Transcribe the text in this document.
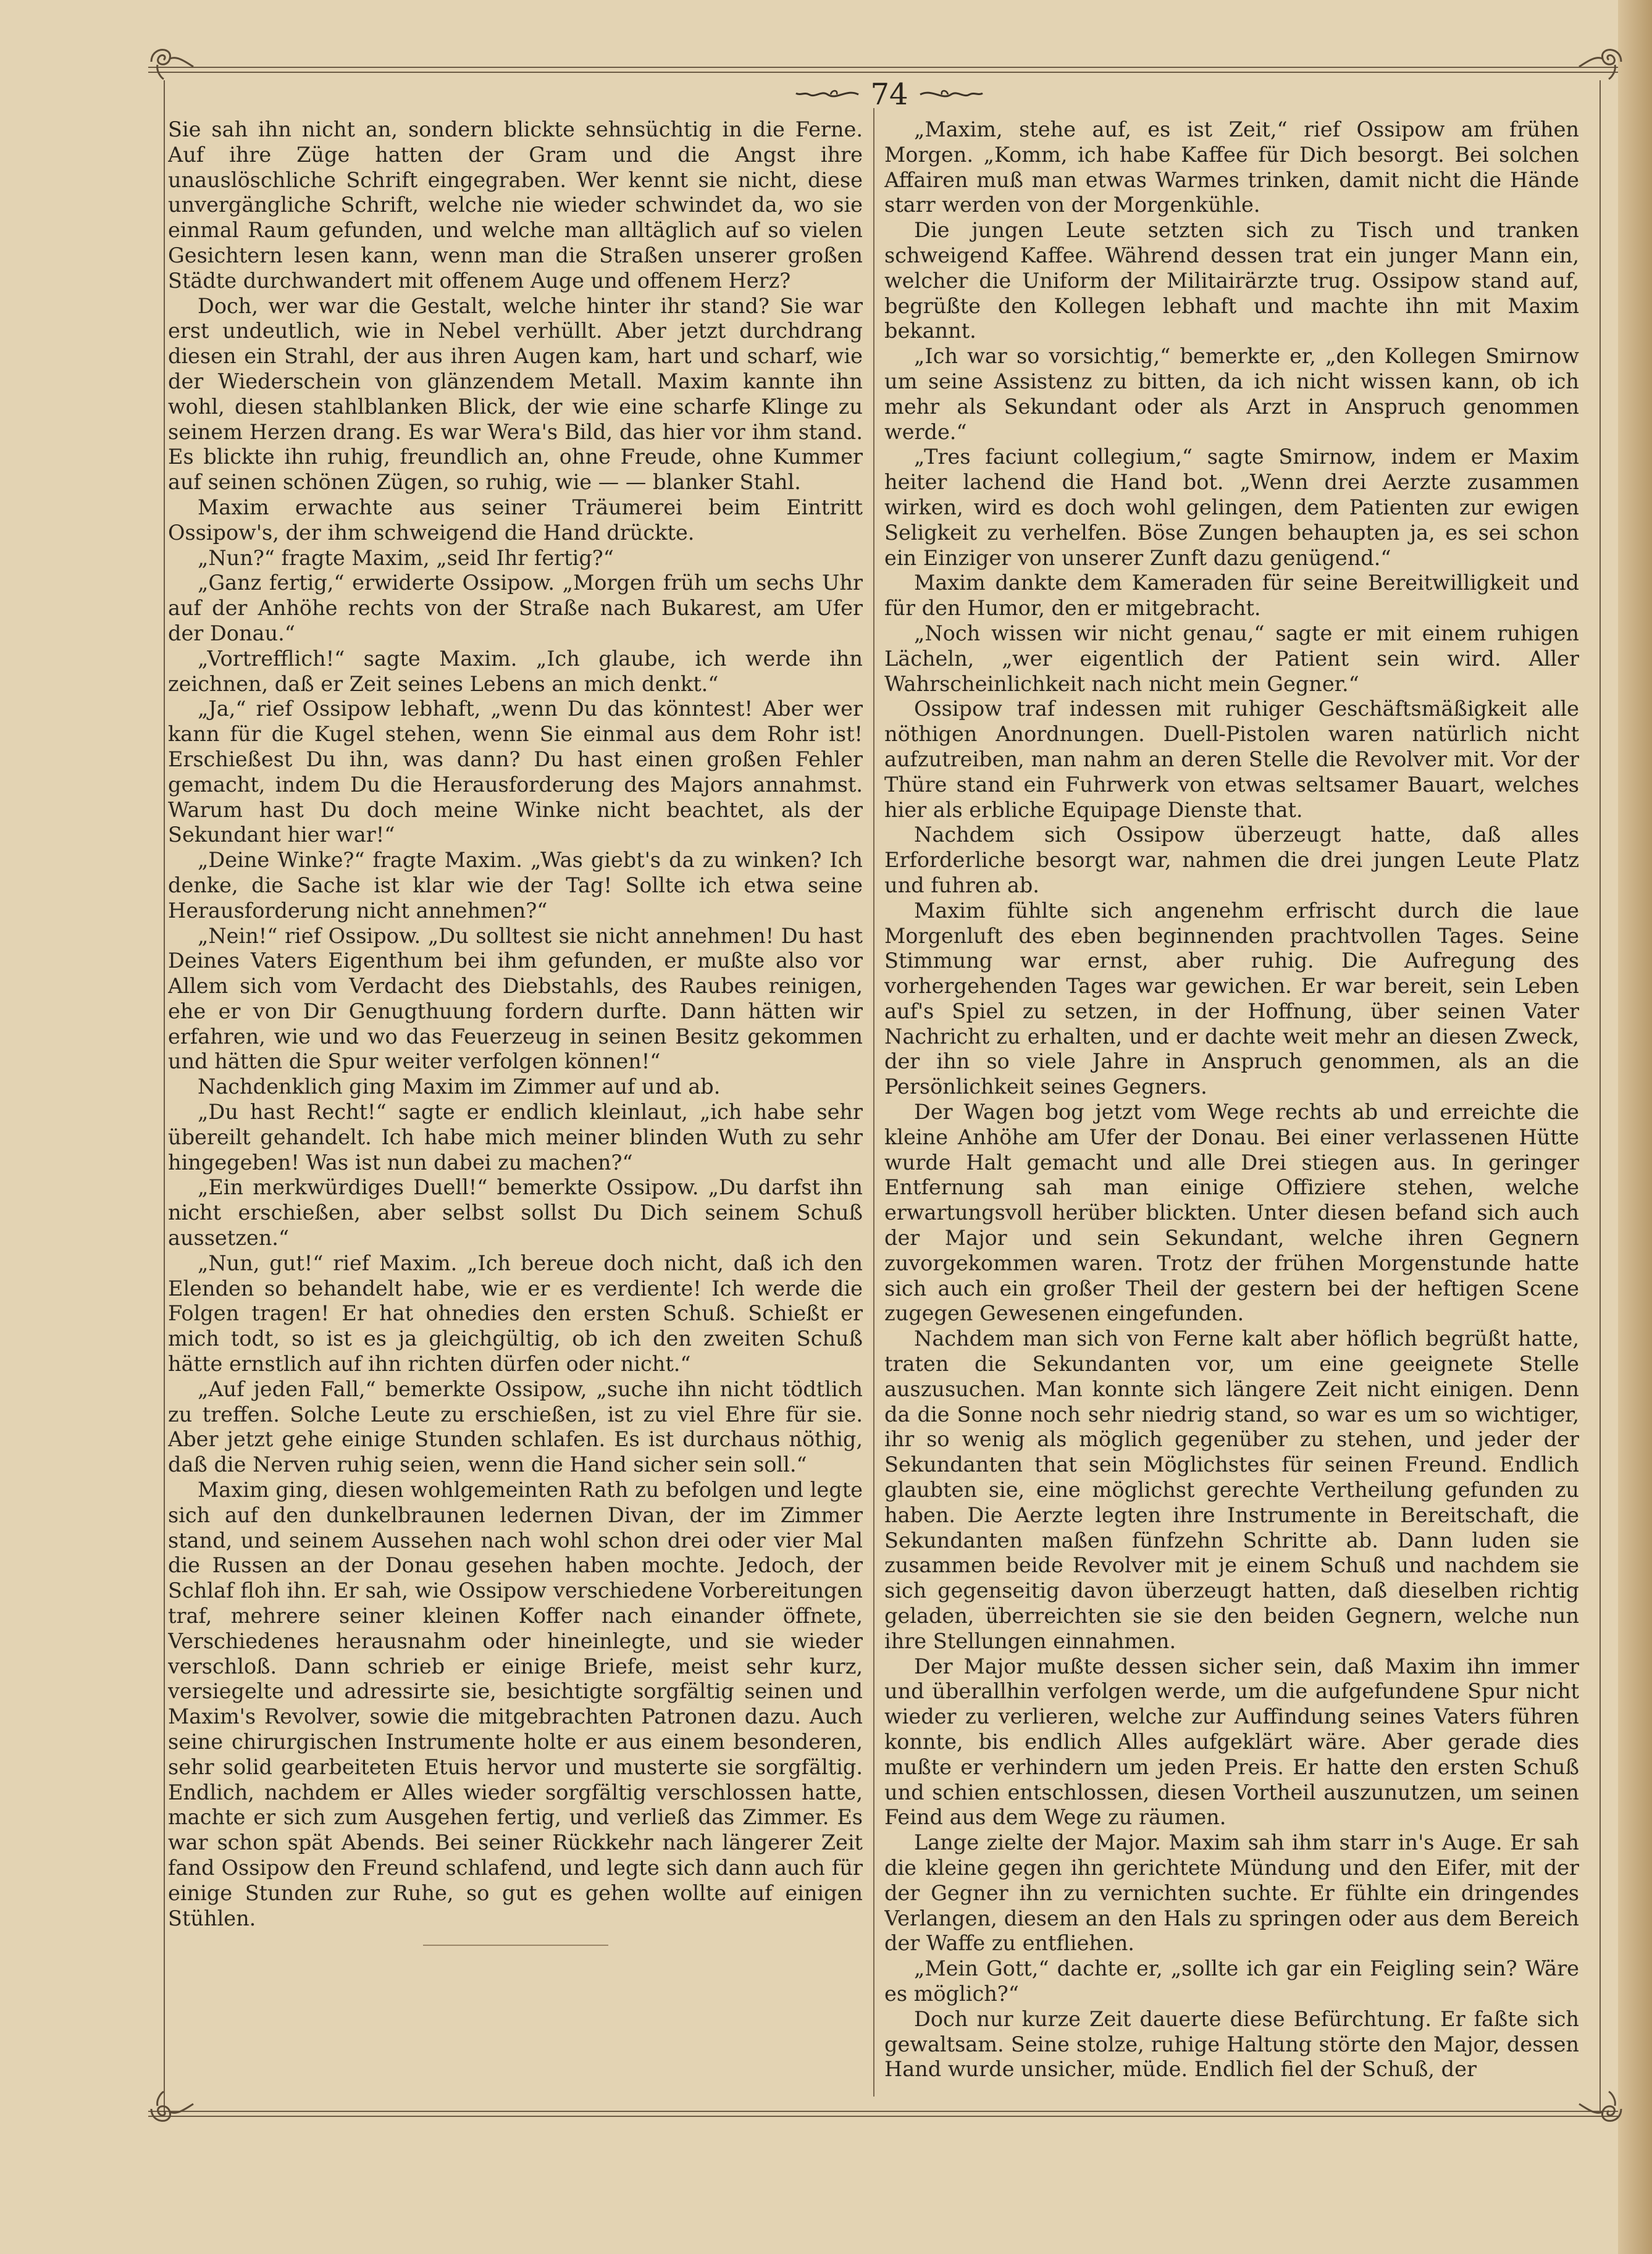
74

Sie sah ihn nicht an, sondern blickte sehnsüchtig in die Ferne. Auf ihre Züge hatten der Gram und die Angst ihre unauslöschliche Schrift eingegraben. Wer kennt sie nicht, diese unvergängliche Schrift, welche nie wieder schwindet da, wo sie einmal Raum gefunden, und welche man alltäglich auf so vielen Gesichtern lesen kann, wenn man die Straßen unserer großen Städte durchwandert mit offenem Auge und offenem Herz?

Doch, wer war die Gestalt, welche hinter ihr stand? Sie war erst undeutlich, wie in Nebel verhüllt. Aber jetzt durchdrang diesen ein Strahl, der aus ihren Augen kam, hart und scharf, wie der Wiederschein von glänzendem Metall. Maxim kannte ihn wohl, diesen stahlblanken Blick, der wie eine scharfe Klinge zu seinem Herzen drang. Es war Wera's Bild, das hier vor ihm stand. Es blickte ihn ruhig, freundlich an, ohne Freude, ohne Kummer auf seinen schönen Zügen, so ruhig, wie — — blanker Stahl.

Maxim erwachte aus seiner Träumerei beim Eintritt Ossipow's, der ihm schweigend die Hand drückte.

„Nun?“ fragte Maxim, „seid Ihr fertig?“

„Ganz fertig,“ erwiderte Ossipow. „Morgen früh um sechs Uhr auf der Anhöhe rechts von der Straße nach Bukarest, am Ufer der Donau.“

„Vortrefflich!“ sagte Maxim. „Ich glaube, ich werde ihn zeichnen, daß er Zeit seines Lebens an mich denkt.“

„Ja,“ rief Ossipow lebhaft, „wenn Du das könntest! Aber wer kann für die Kugel stehen, wenn Sie einmal aus dem Rohr ist! Erschießest Du ihn, was dann? Du hast einen großen Fehler gemacht, indem Du die Herausforderung des Majors annahmst. Warum hast Du doch meine Winke nicht beachtet, als der Sekundant hier war!“

„Deine Winke?“ fragte Maxim. „Was giebt's da zu winken? Ich denke, die Sache ist klar wie der Tag! Sollte ich etwa seine Herausforderung nicht annehmen?“

„Nein!“ rief Ossipow. „Du solltest sie nicht annehmen! Du hast Deines Vaters Eigenthum bei ihm gefunden, er mußte also vor Allem sich vom Verdacht des Diebstahls, des Raubes reinigen, ehe er von Dir Genugthuung fordern durfte. Dann hätten wir erfahren, wie und wo das Feuerzeug in seinen Besitz gekommen und hätten die Spur weiter verfolgen können!“

Nachdenklich ging Maxim im Zimmer auf und ab.

„Du hast Recht!“ sagte er endlich kleinlaut, „ich habe sehr übereilt gehandelt. Ich habe mich meiner blinden Wuth zu sehr hingegeben! Was ist nun dabei zu machen?“

„Ein merkwürdiges Duell!“ bemerkte Ossipow. „Du darfst ihn nicht erschießen, aber selbst sollst Du Dich seinem Schuß aussetzen.“

„Nun, gut!“ rief Maxim. „Ich bereue doch nicht, daß ich den Elenden so behandelt habe, wie er es verdiente! Ich werde die Folgen tragen! Er hat ohnedies den ersten Schuß. Schießt er mich todt, so ist es ja gleichgültig, ob ich den zweiten Schuß hätte ernstlich auf ihn richten dürfen oder nicht.“

„Auf jeden Fall,“ bemerkte Ossipow, „suche ihn nicht tödtlich zu treffen. Solche Leute zu erschießen, ist zu viel Ehre für sie. Aber jetzt gehe einige Stunden schlafen. Es ist durchaus nöthig, daß die Nerven ruhig seien, wenn die Hand sicher sein soll.“

Maxim ging, diesen wohlgemeinten Rath zu befolgen und legte sich auf den dunkelbraunen ledernen Divan, der im Zimmer stand, und seinem Aussehen nach wohl schon drei oder vier Mal die Russen an der Donau gesehen haben mochte. Jedoch, der Schlaf floh ihn. Er sah, wie Ossipow verschiedene Vorbereitungen traf, mehrere seiner kleinen Koffer nach einander öffnete, Verschiedenes herausnahm oder hineinlegte, und sie wieder verschloß. Dann schrieb er einige Briefe, meist sehr kurz, versiegelte und adressirte sie, besichtigte sorgfältig seinen und Maxim's Revolver, sowie die mitgebrachten Patronen dazu. Auch seine chirurgischen Instrumente holte er aus einem besonderen, sehr solid gearbeiteten Etuis hervor und musterte sie sorgfältig. Endlich, nachdem er Alles wieder sorgfältig verschlossen hatte, machte er sich zum Ausgehen fertig, und verließ das Zimmer. Es war schon spät Abends. Bei seiner Rückkehr nach längerer Zeit fand Ossipow den Freund schlafend, und legte sich dann auch für einige Stunden zur Ruhe, so gut es gehen wollte auf einigen Stühlen.

„Maxim, stehe auf, es ist Zeit,“ rief Ossipow am frühen Morgen. „Komm, ich habe Kaffee für Dich besorgt. Bei solchen Affairen muß man etwas Warmes trinken, damit nicht die Hände starr werden von der Morgenkühle.

Die jungen Leute setzten sich zu Tisch und tranken schweigend Kaffee. Während dessen trat ein junger Mann ein, welcher die Uniform der Militairärzte trug. Ossipow stand auf, begrüßte den Kollegen lebhaft und machte ihn mit Maxim bekannt.

„Ich war so vorsichtig,“ bemerkte er, „den Kollegen Smirnow um seine Assistenz zu bitten, da ich nicht wissen kann, ob ich mehr als Sekundant oder als Arzt in Anspruch genommen werde.“

„Tres faciunt collegium,“ sagte Smirnow, indem er Maxim heiter lachend die Hand bot. „Wenn drei Aerzte zusammen wirken, wird es doch wohl gelingen, dem Patienten zur ewigen Seligkeit zu verhelfen. Böse Zungen behaupten ja, es sei schon ein Einziger von unserer Zunft dazu genügend.“

Maxim dankte dem Kameraden für seine Bereitwilligkeit und für den Humor, den er mitgebracht.

„Noch wissen wir nicht genau,“ sagte er mit einem ruhigen Lächeln, „wer eigentlich der Patient sein wird. Aller Wahrscheinlichkeit nach nicht mein Gegner.“

Ossipow traf indessen mit ruhiger Geschäftsmäßigkeit alle nöthigen Anordnungen. Duell-Pistolen waren natürlich nicht aufzutreiben, man nahm an deren Stelle die Revolver mit. Vor der Thüre stand ein Fuhrwerk von etwas seltsamer Bauart, welches hier als erbliche Equipage Dienste that.

Nachdem sich Ossipow überzeugt hatte, daß alles Erforderliche besorgt war, nahmen die drei jungen Leute Platz und fuhren ab.

Maxim fühlte sich angenehm erfrischt durch die laue Morgenluft des eben beginnenden prachtvollen Tages. Seine Stimmung war ernst, aber ruhig. Die Aufregung des vorhergehenden Tages war gewichen. Er war bereit, sein Leben auf's Spiel zu setzen, in der Hoffnung, über seinen Vater Nachricht zu erhalten, und er dachte weit mehr an diesen Zweck, der ihn so viele Jahre in Anspruch genommen, als an die Persönlichkeit seines Gegners.

Der Wagen bog jetzt vom Wege rechts ab und erreichte die kleine Anhöhe am Ufer der Donau. Bei einer verlassenen Hütte wurde Halt gemacht und alle Drei stiegen aus. In geringer Entfernung sah man einige Offiziere stehen, welche erwartungsvoll herüber blickten. Unter diesen befand sich auch der Major und sein Sekundant, welche ihren Gegnern zuvorgekommen waren. Trotz der frühen Morgenstunde hatte sich auch ein großer Theil der gestern bei der heftigen Scene zugegen Gewesenen eingefunden.

Nachdem man sich von Ferne kalt aber höflich begrüßt hatte, traten die Sekundanten vor, um eine geeignete Stelle auszusuchen. Man konnte sich längere Zeit nicht einigen. Denn da die Sonne noch sehr niedrig stand, so war es um so wichtiger, ihr so wenig als möglich gegenüber zu stehen, und jeder der Sekundanten that sein Möglichstes für seinen Freund. Endlich glaubten sie, eine möglichst gerechte Vertheilung gefunden zu haben. Die Aerzte legten ihre Instrumente in Bereitschaft, die Sekundanten maßen fünfzehn Schritte ab. Dann luden sie zusammen beide Revolver mit je einem Schuß und nachdem sie sich gegenseitig davon überzeugt hatten, daß dieselben richtig geladen, überreichten sie sie den beiden Gegnern, welche nun ihre Stellungen einnahmen.

Der Major mußte dessen sicher sein, daß Maxim ihn immer und überallhin verfolgen werde, um die aufgefundene Spur nicht wieder zu verlieren, welche zur Auffindung seines Vaters führen konnte, bis endlich Alles aufgeklärt wäre. Aber gerade dies mußte er verhindern um jeden Preis. Er hatte den ersten Schuß und schien entschlossen, diesen Vortheil auszunutzen, um seinen Feind aus dem Wege zu räumen.

Lange zielte der Major. Maxim sah ihm starr in's Auge. Er sah die kleine gegen ihn gerichtete Mündung und den Eifer, mit der der Gegner ihn zu vernichten suchte. Er fühlte ein dringendes Verlangen, diesem an den Hals zu springen oder aus dem Bereich der Waffe zu entfliehen.

„Mein Gott,“ dachte er, „sollte ich gar ein Feigling sein? Wäre es möglich?“

Doch nur kurze Zeit dauerte diese Befürchtung. Er faßte sich gewaltsam. Seine stolze, ruhige Haltung störte den Major, dessen Hand wurde unsicher, müde. Endlich fiel der Schuß, der
